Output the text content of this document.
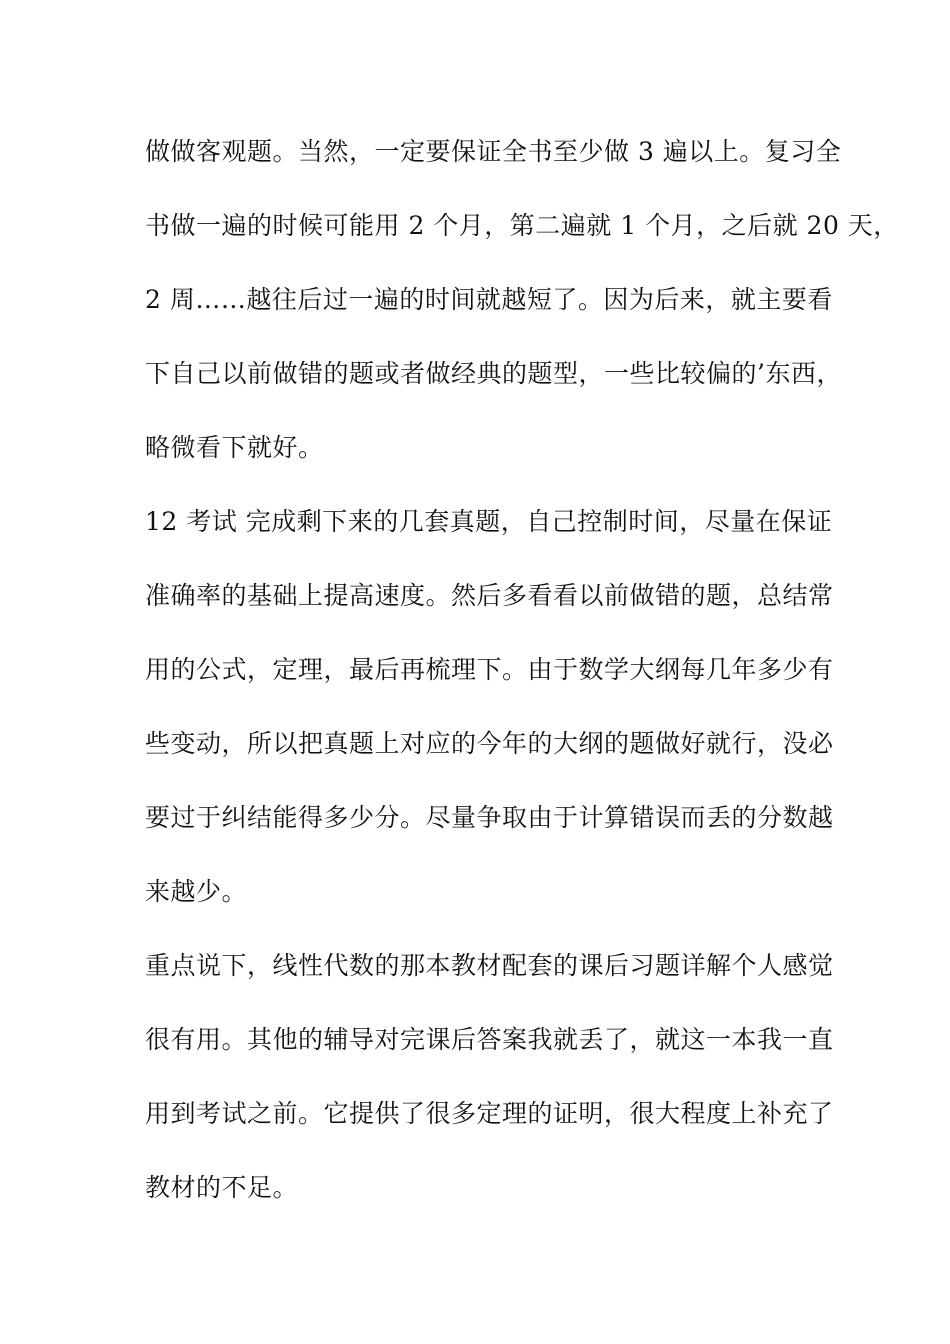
做做客观题。当然，一定要保证全书至少做 3 遍以上。复习全
书做一遍的时候可能用 2 个月，第二遍就 1 个月，之后就 20 天，
2 周……越往后过一遍的时间就越短了。因为后来，就主要看
下自己以前做错的题或者做经典的题型，一些比较偏的’东西，
略微看下就好。
12 考试 完成剩下来的几套真题，自己控制时间，尽量在保证
准确率的基础上提高速度。然后多看看以前做错的题，总结常
用的公式，定理，最后再梳理下。由于数学大纲每几年多少有
些变动，所以把真题上对应的今年的大纲的题做好就行，没必
要过于纠结能得多少分。尽量争取由于计算错误而丢的分数越
来越少。
重点说下，线性代数的那本教材配套的课后习题详解个人感觉
很有用。其他的辅导对完课后答案我就丢了，就这一本我一直
用到考试之前。它提供了很多定理的证明，很大程度上补充了
教材的不足。
